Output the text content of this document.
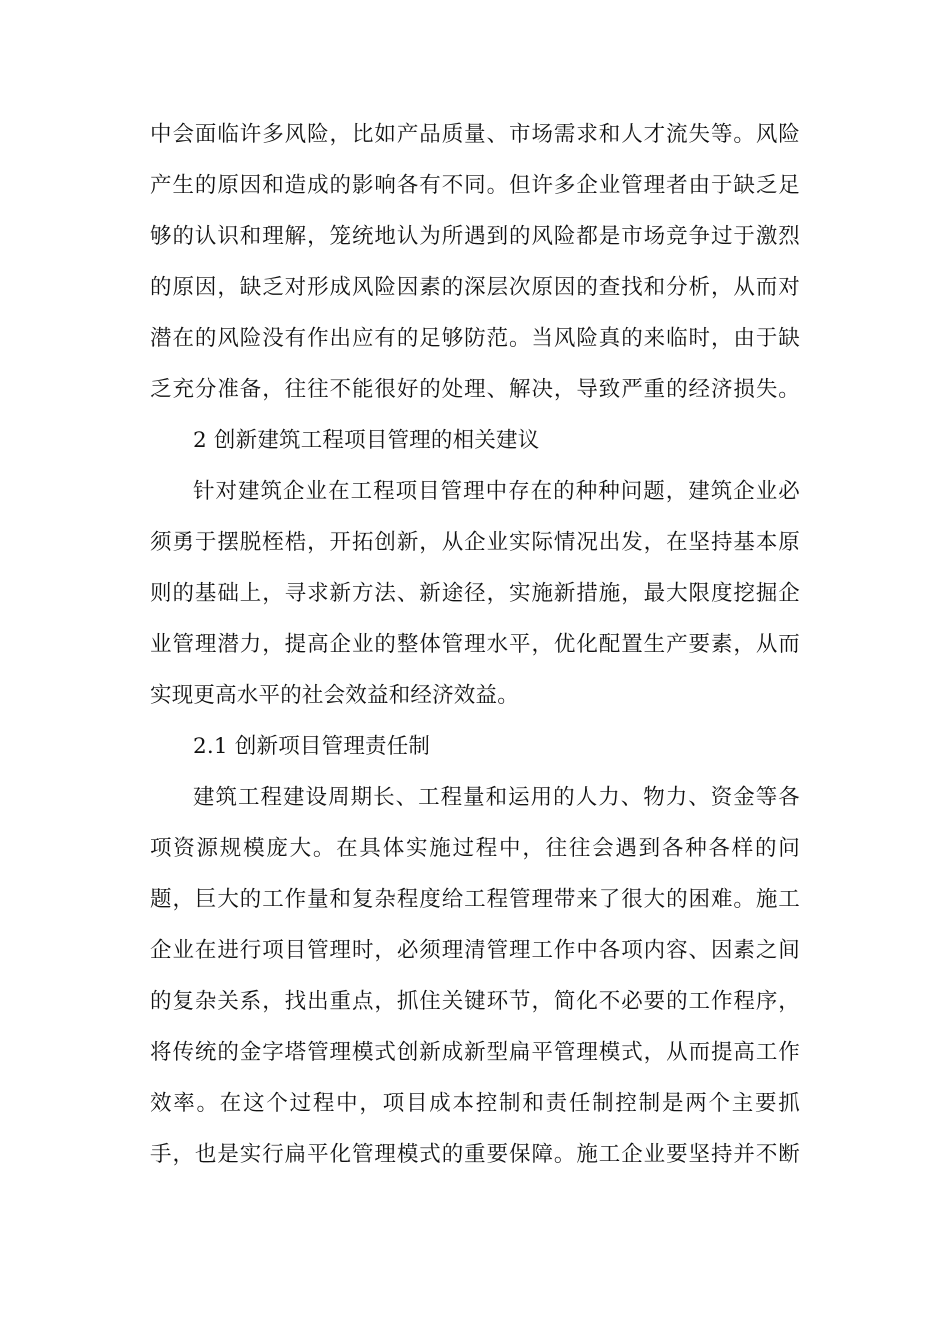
中会面临许多风险，比如产品质量、市场需求和人才流失等。风险
产生的原因和造成的影响各有不同。但许多企业管理者由于缺乏足
够的认识和理解，笼统地认为所遇到的风险都是市场竞争过于激烈
的原因，缺乏对形成风险因素的深层次原因的查找和分析，从而对
潜在的风险没有作出应有的足够防范。当风险真的来临时，由于缺
乏充分准备，往往不能很好的处理、解决，导致严重的经济损失。
2 创新建筑工程项目管理的相关建议
针对建筑企业在工程项目管理中存在的种种问题，建筑企业必
须勇于摆脱桎梏，开拓创新，从企业实际情况出发，在坚持基本原
则的基础上，寻求新方法、新途径，实施新措施，最大限度挖掘企
业管理潜力，提高企业的整体管理水平，优化配置生产要素，从而
实现更高水平的社会效益和经济效益。
2.1 创新项目管理责任制
建筑工程建设周期长、工程量和运用的人力、物力、资金等各
项资源规模庞大。在具体实施过程中，往往会遇到各种各样的问
题，巨大的工作量和复杂程度给工程管理带来了很大的困难。施工
企业在进行项目管理时，必须理清管理工作中各项内容、因素之间
的复杂关系，找出重点，抓住关键环节，简化不必要的工作程序，
将传统的金字塔管理模式创新成新型扁平管理模式，从而提高工作
效率。在这个过程中，项目成本控制和责任制控制是两个主要抓
手，也是实行扁平化管理模式的重要保障。施工企业要坚持并不断
